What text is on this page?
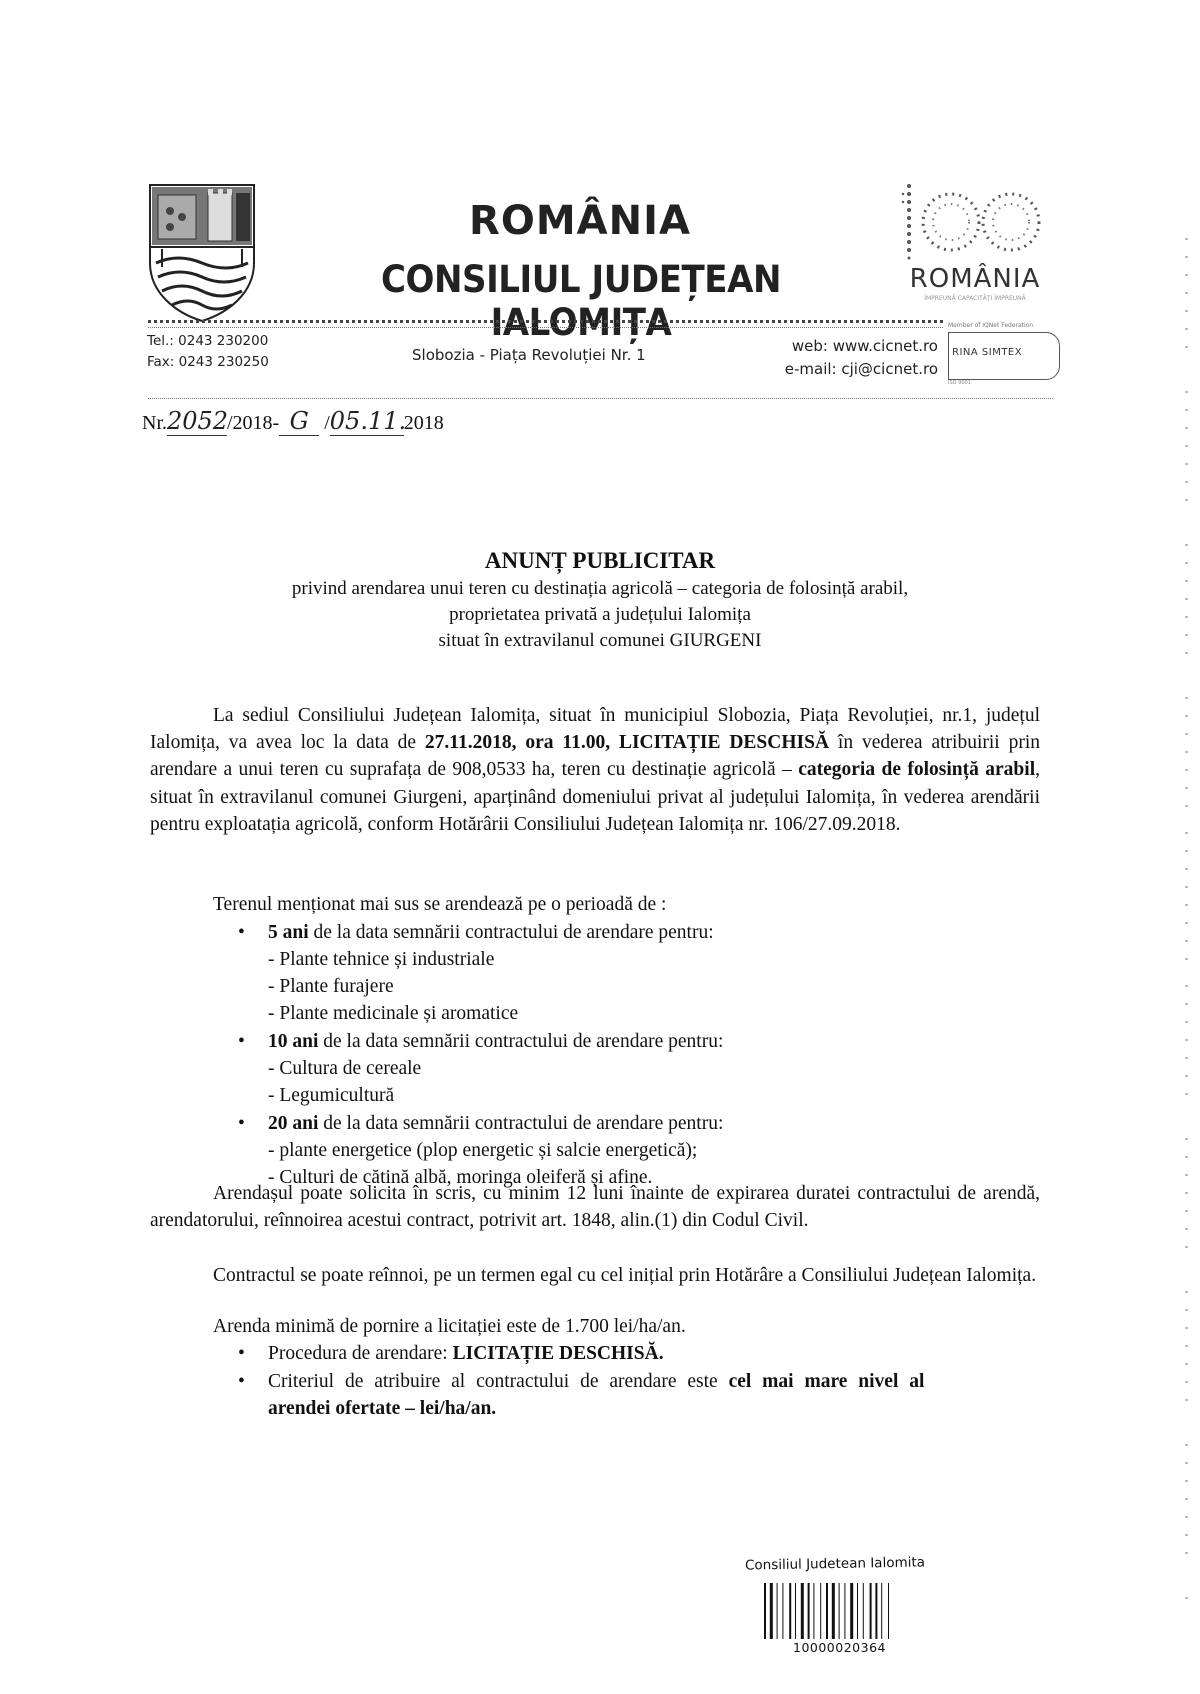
ROMÂNIA
CONSILIUL JUDEȚEAN IALOMIȚA
ROMÂNIA
ÎMPREUNĂ CAPACITĂȚI ÎMPREUNĂ
Tel.: 0243 230200
Fax: 0243 230250	Slobozia - Piața Revoluției Nr. 1	web: www.cicnet.ro
e-mail: cji@cicnet.ro
Member of IQNet Federation
RINA SIMTEX
ISO 9001
Nr.2052/2018- G /05.11.2018
ANUNȚ PUBLICITAR
privind arendarea unui teren cu destinația agricolă – categoria de folosință arabil,
proprietatea privată a județului Ialomița
situat în extravilanul comunei GIURGENI
La sediul Consiliului Județean Ialomița, situat în municipiul Slobozia, Piața Revoluției, nr.1, județul Ialomița, va avea loc la data de 27.11.2018, ora 11.00, LICITAȚIE DESCHISĂ în vederea atribuirii prin arendare a unui teren cu suprafața de 908,0533 ha, teren cu destinație agricolă – categoria de folosință arabil, situat în extravilanul comunei Giurgeni, aparținând domeniului privat al județului Ialomița, în vederea arendării pentru exploatația agricolă, conform Hotărârii Consiliului Județean Ialomița nr. 106/27.09.2018.
Terenul menționat mai sus se arendează pe o perioadă de :
• 5 ani de la data semnării contractului de arendare pentru:
- Plante tehnice și industriale
- Plante furajere
- Plante medicinale și aromatice
• 10 ani de la data semnării contractului de arendare pentru:
- Cultura de cereale
- Legumicultură
• 20 ani de la data semnării contractului de arendare pentru:
- plante energetice (plop energetic și salcie energetică);
- Culturi de cătină albă, moringa oleiferă și afine.
Arendașul poate solicita în scris, cu minim 12 luni înainte de expirarea duratei contractului de arendă, arendatorului, reînnoirea acestui contract, potrivit art. 1848, alin.(1) din Codul Civil.
Contractul se poate reînnoi, pe un termen egal cu cel inițial prin Hotărâre a Consiliului Județean Ialomița.
Arenda minimă de pornire a licitației este de 1.700 lei/ha/an.
• Procedura de arendare: LICITAȚIE DESCHISĂ.
• Criteriul de atribuire al contractului de arendare este cel mai mare nivel al
arendei ofertate – lei/ha/an.
Consiliul Judetean Ialomita
10000020364
